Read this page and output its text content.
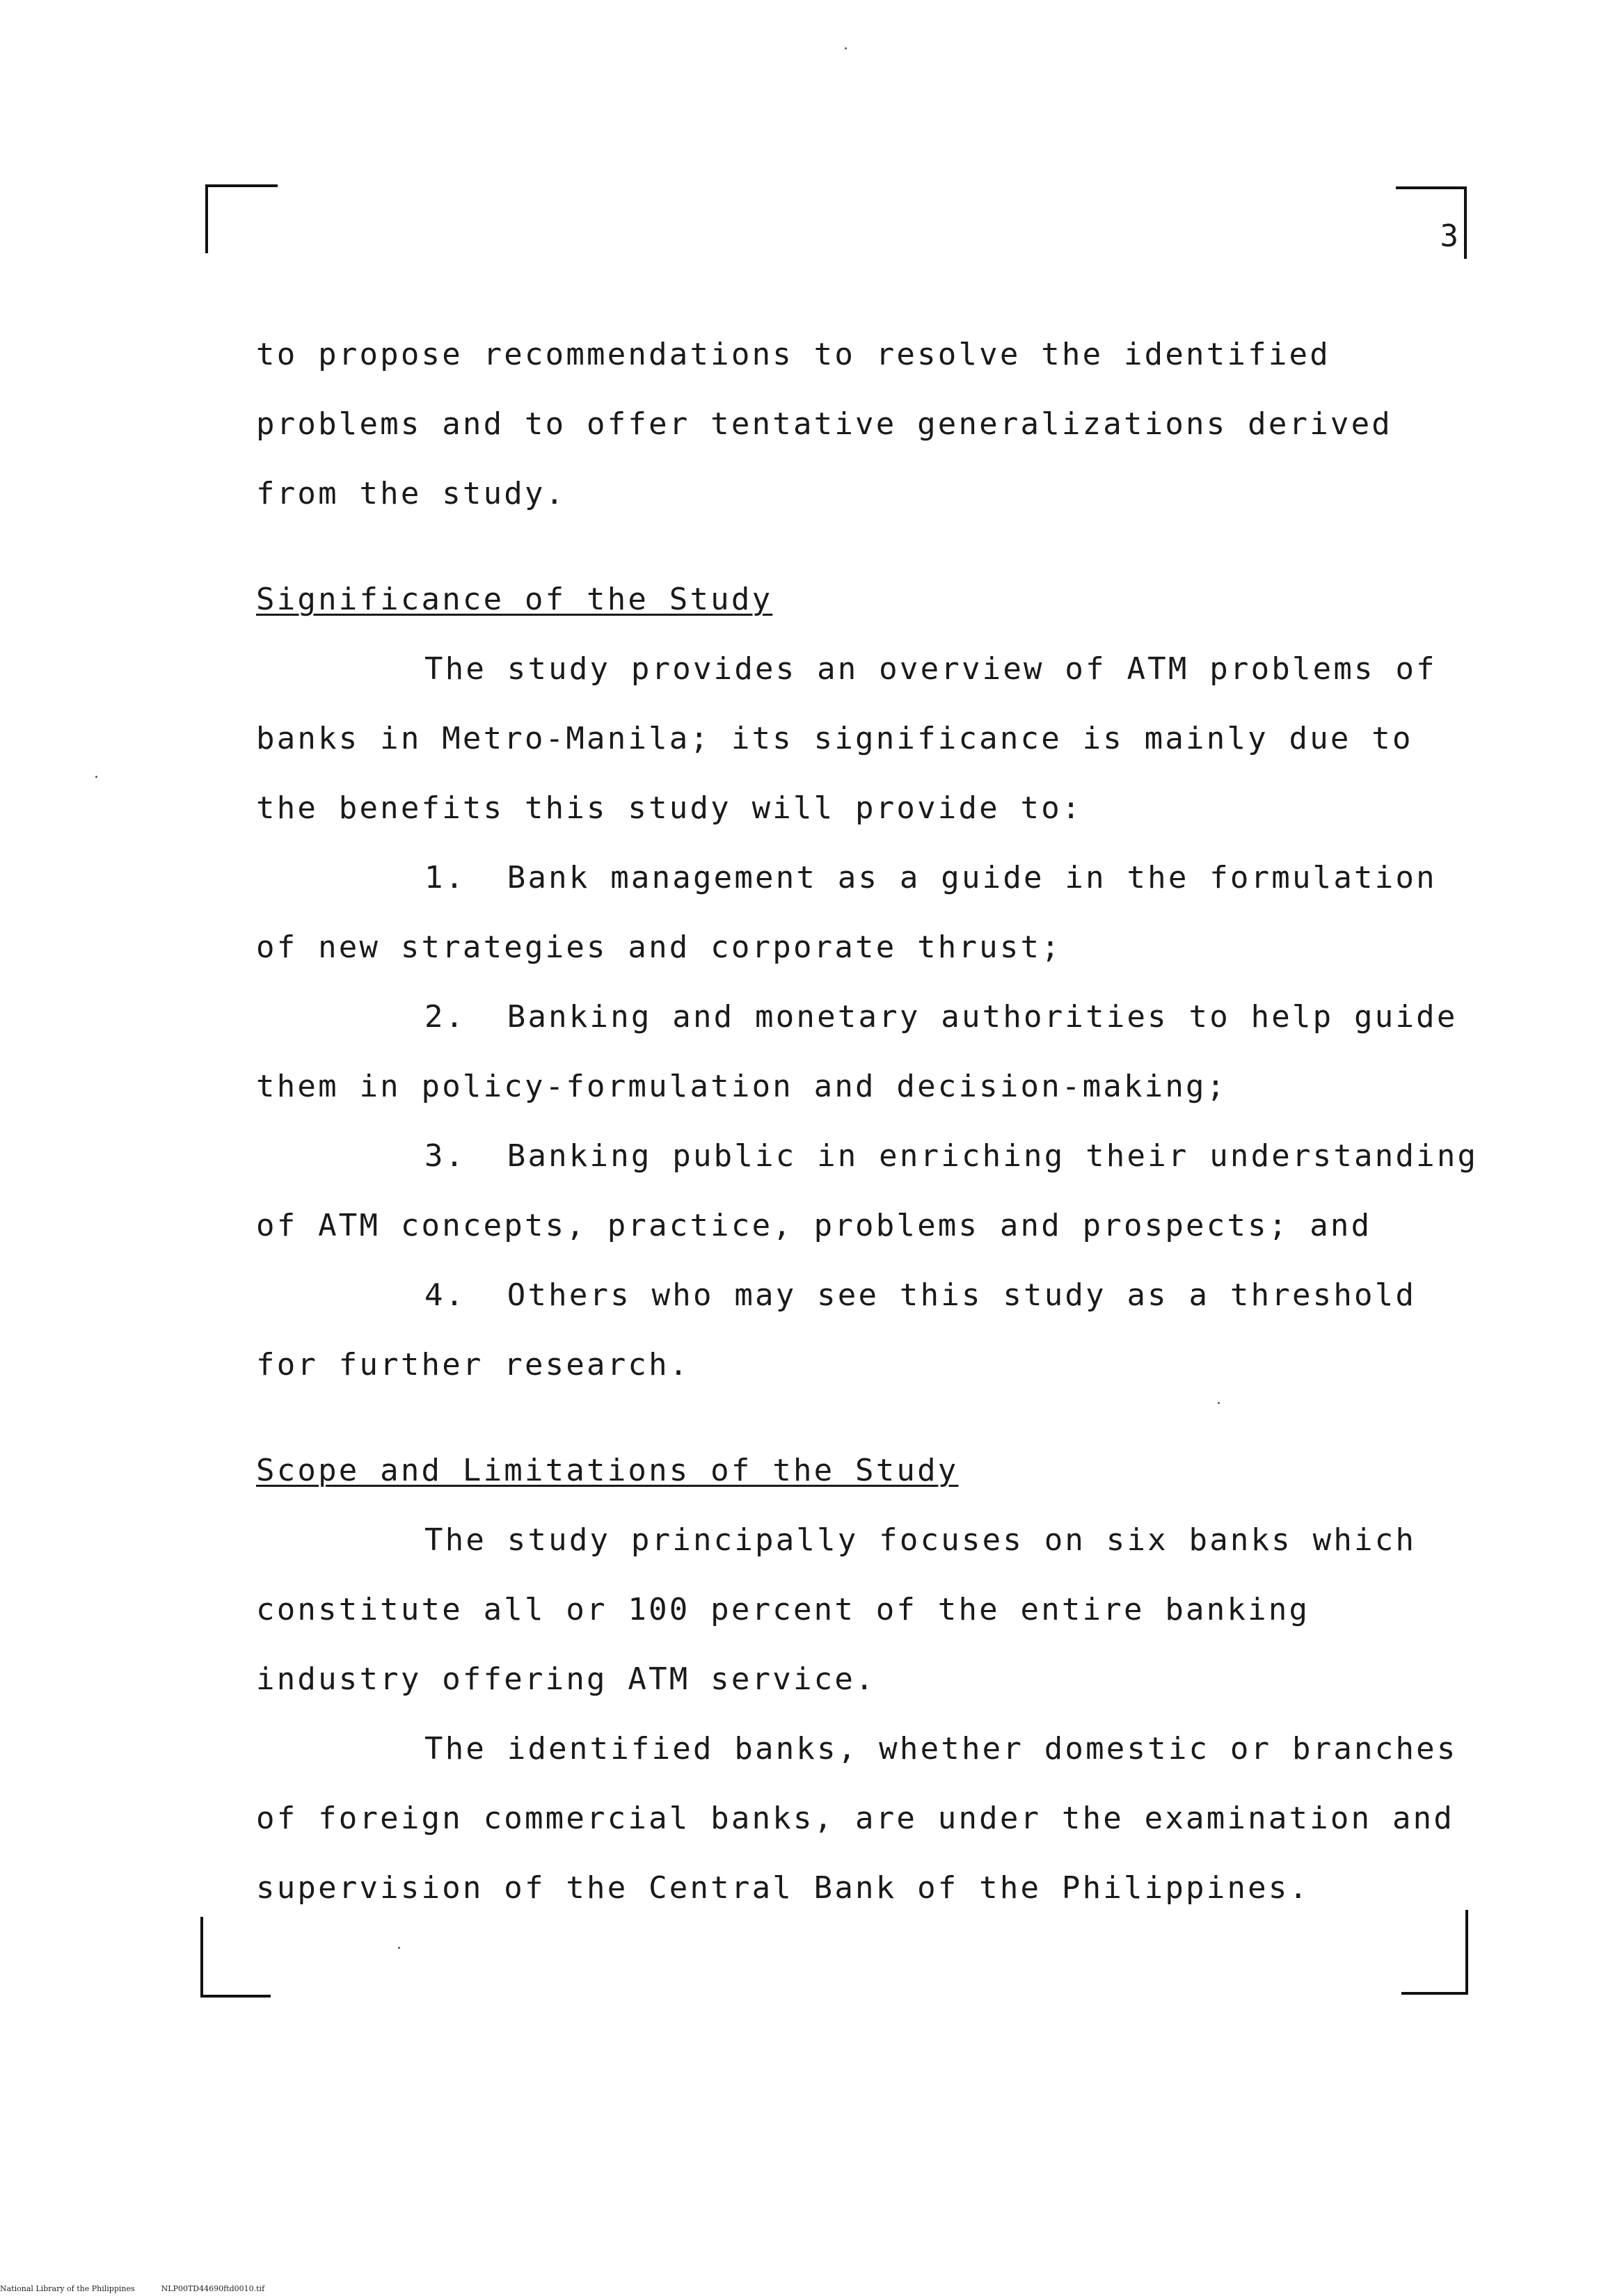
3

to propose recommendations to resolve the identified

problems and to offer tentative generalizations derived

from the study.

Significance of the Study

The study provides an overview of ATM problems of

banks in Metro-Manila; its significance is mainly due to

the benefits this study will provide to:

1.  Bank management as a guide in the formulation

of new strategies and corporate thrust;

2.  Banking and monetary authorities to help guide

them in policy-formulation and decision-making;

3.  Banking public in enriching their understanding

of ATM concepts, practice, problems and prospects; and

4.  Others who may see this study as a threshold

for further research.

Scope and Limitations of the Study

The study principally focuses on six banks which

constitute all or 100 percent of the entire banking

industry offering ATM service.

The identified banks, whether domestic or branches

of foreign commercial banks, are under the examination and

supervision of the Central Bank of the Philippines.

National Library of the Philippines	NLP00TD44690ftd0010.tif
